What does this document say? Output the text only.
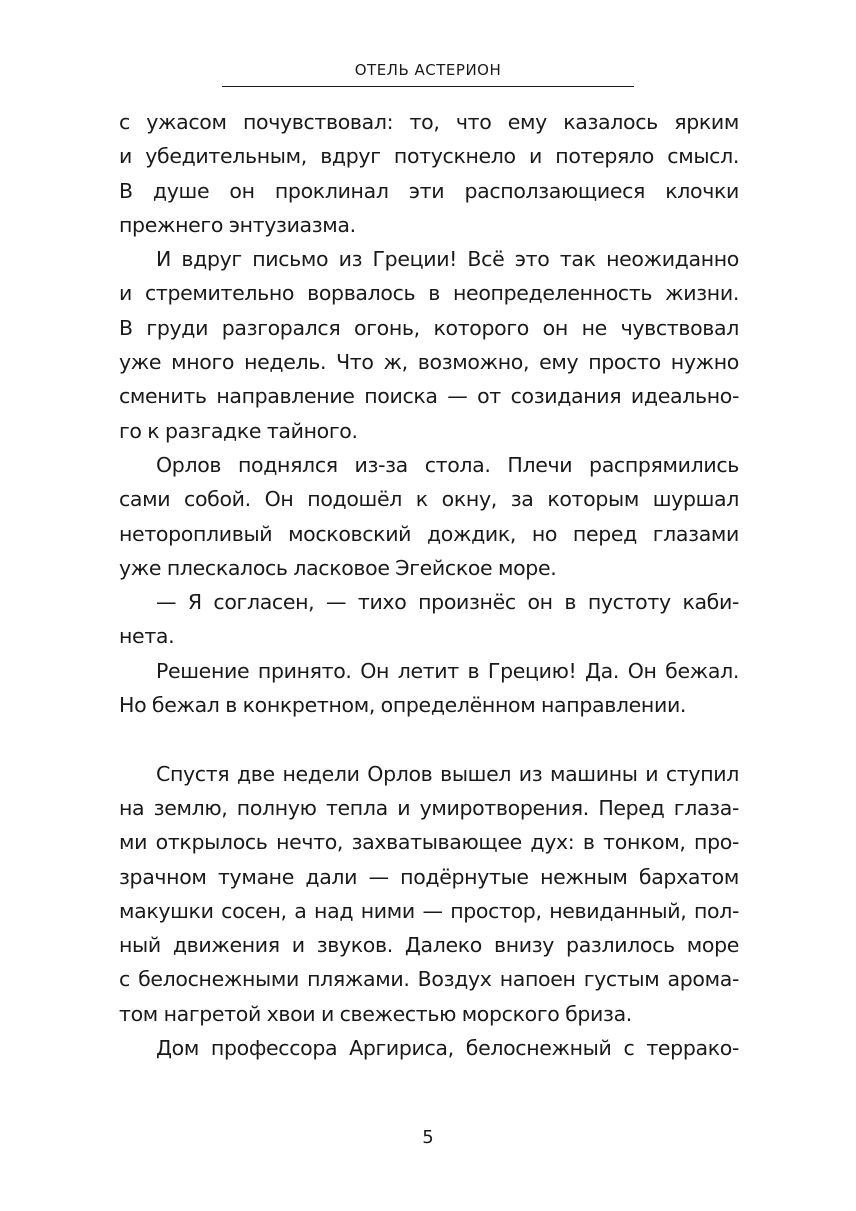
ОТЕЛЬ АСТЕРИОН
с ужасом почувствовал: то, что ему казалось ярким
и убедительным, вдруг потускнело и потеряло смысл.
В душе он проклинал эти расползающиеся клочки
прежнего энтузиазма.
И вдруг письмо из Греции! Всё это так неожиданно
и стремительно ворвалось в неопределенность жизни.
В груди разгорался огонь, которого он не чувствовал
уже много недель. Что ж, возможно, ему просто нужно
сменить направление поиска — от созидания идеально-
го к разгадке тайного.
Орлов поднялся из-за стола. Плечи распрямились
сами собой. Он подошёл к окну, за которым шуршал
неторопливый московский дождик, но перед глазами
уже плескалось ласковое Эгейское море.
— Я согласен, — тихо произнёс он в пустоту каби-
нета.
Решение принято. Он летит в Грецию! Да. Он бежал.
Но бежал в конкретном, определённом направлении.
Спустя две недели Орлов вышел из машины и ступил
на землю, полную тепла и умиротворения. Перед глаза-
ми открылось нечто, захватывающее дух: в тонком, про-
зрачном тумане дали — подёрнутые нежным бархатом
макушки сосен, а над ними — простор, невиданный, пол-
ный движения и звуков. Далеко внизу разлилось море
с белоснежными пляжами. Воздух напоен густым арома-
том нагретой хвои и свежестью морского бриза.
Дом профессора Аргириса, белоснежный с террако-
5
